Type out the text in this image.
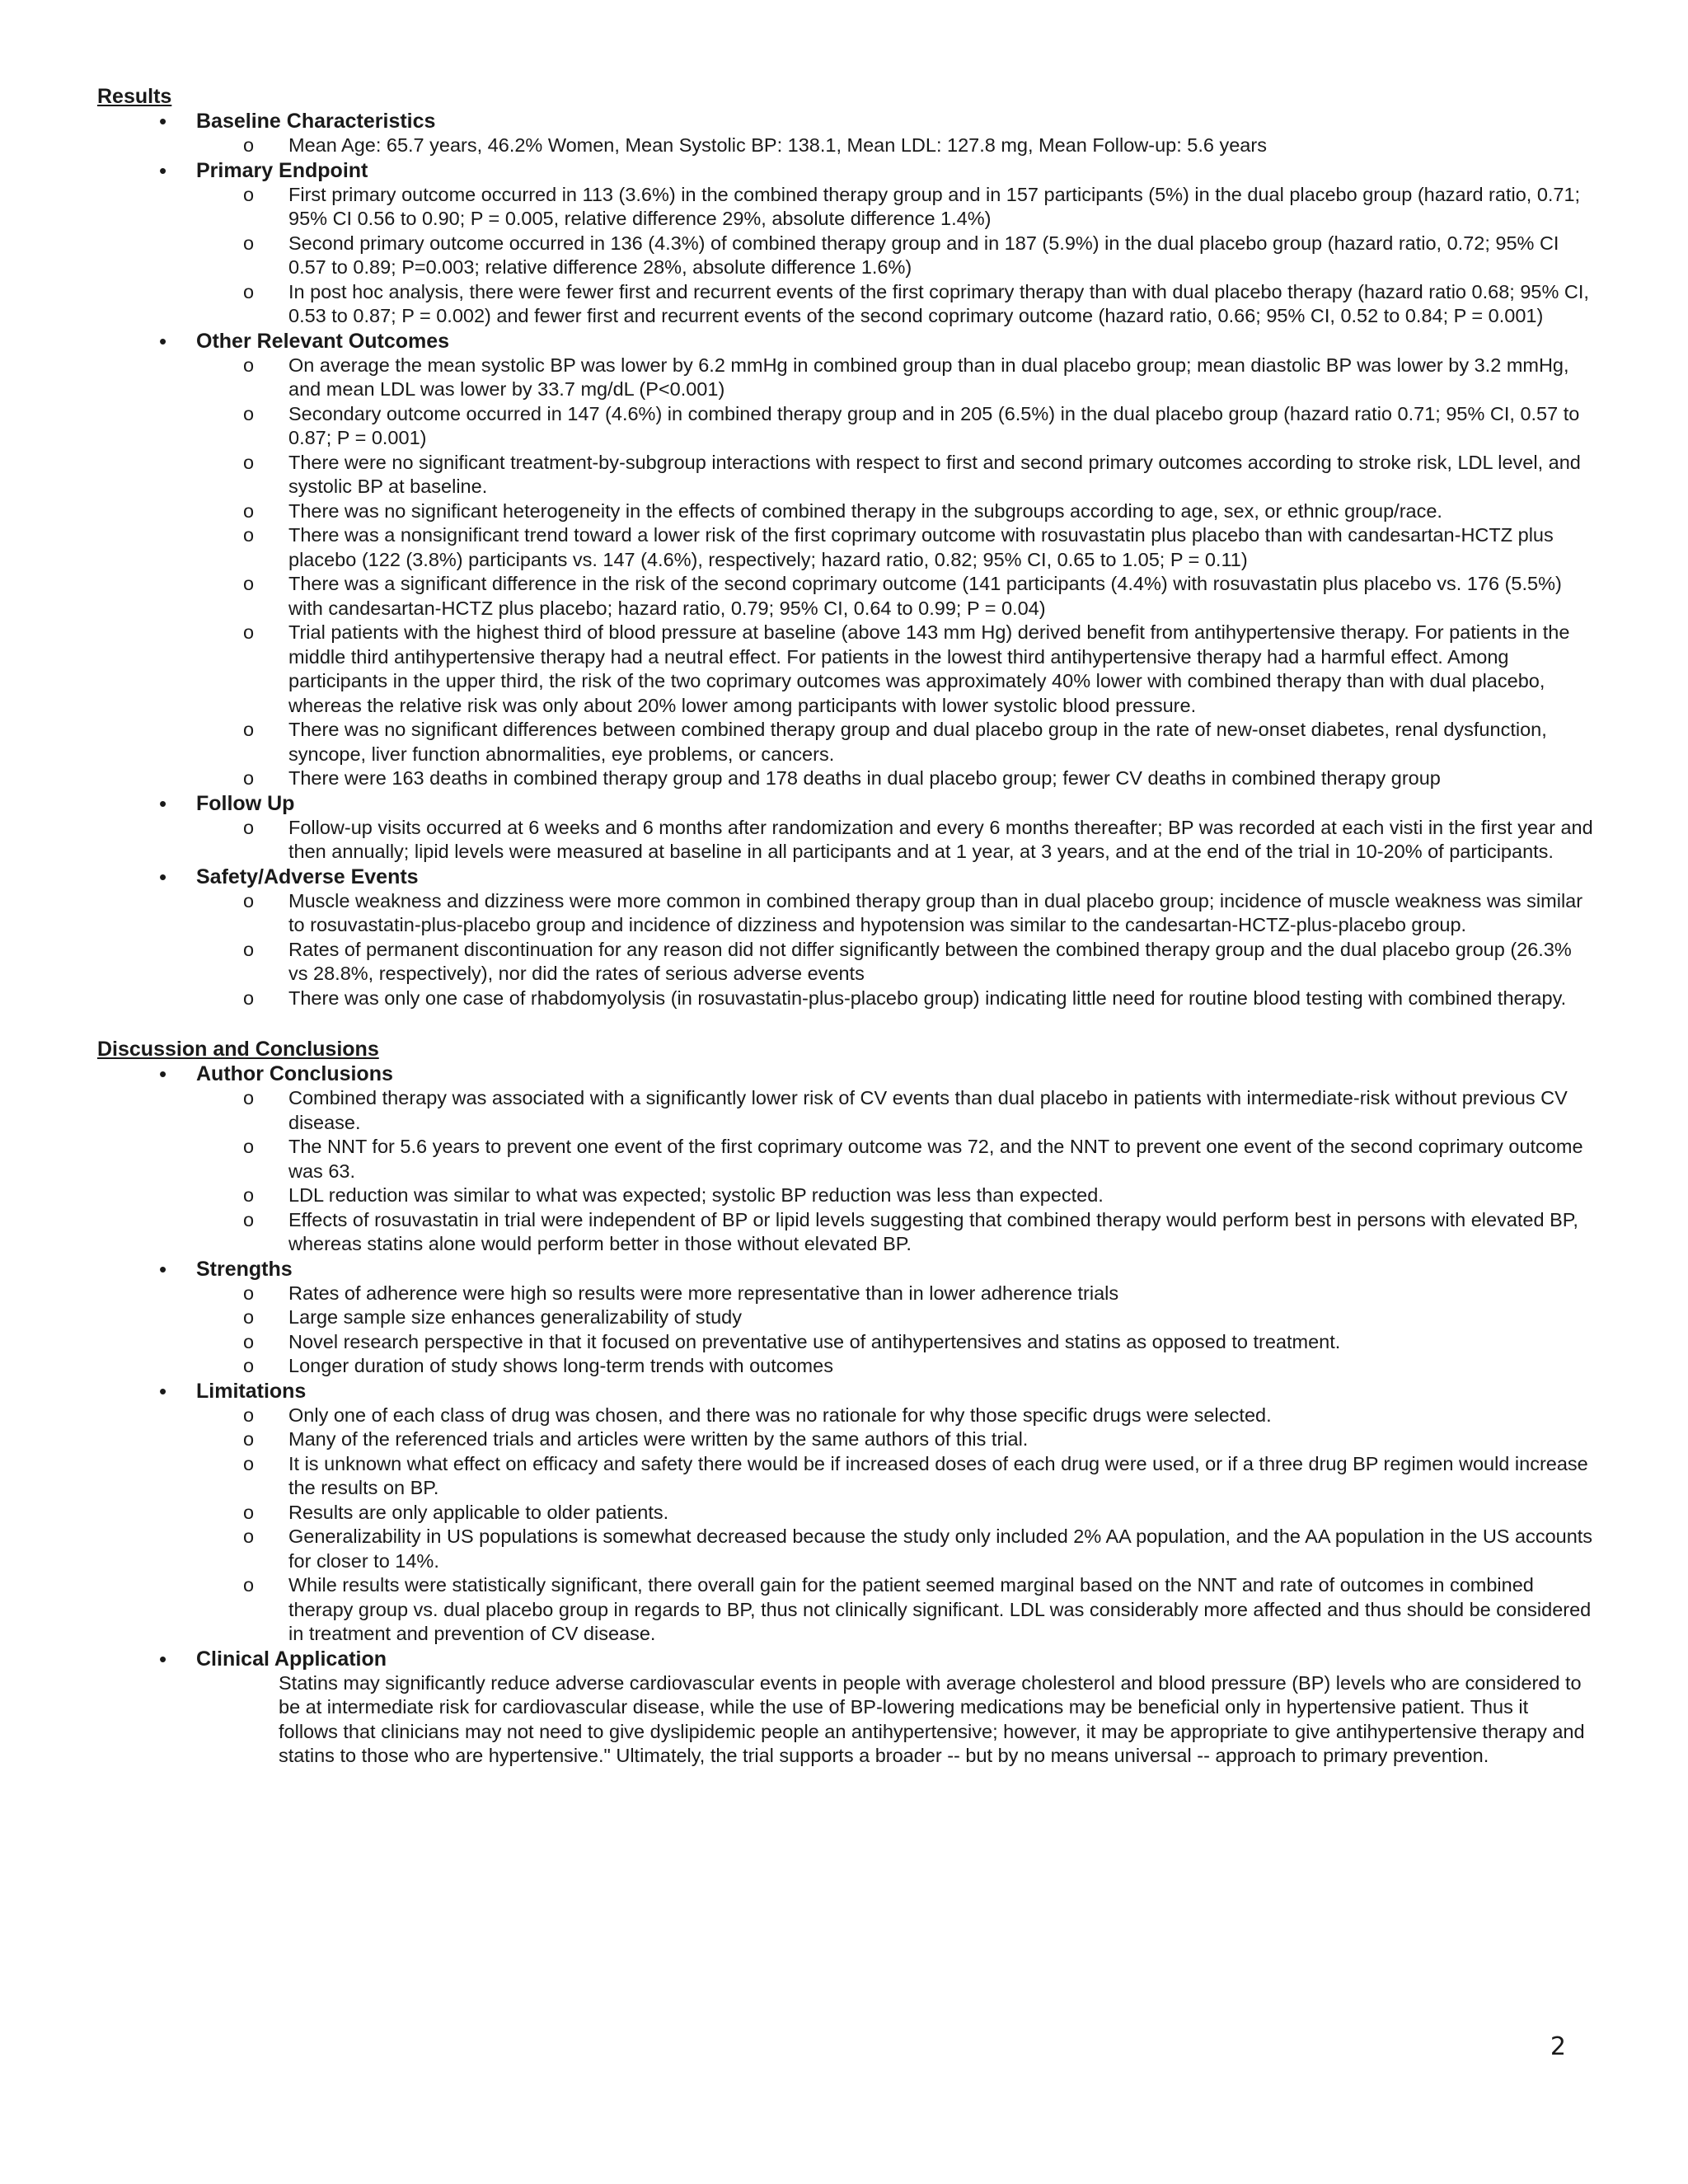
Results

• Baseline Characteristics
o Mean Age: 65.7 years, 46.2% Women, Mean Systolic BP: 138.1, Mean LDL: 127.8 mg, Mean Follow-up: 5.6 years
• Primary Endpoint
o First primary outcome occurred in 113 (3.6%) in the combined therapy group and in 157 participants (5%) in the dual placebo group (hazard ratio, 0.71; 95% CI 0.56 to 0.90; P = 0.005, relative difference 29%, absolute difference 1.4%)
o Second primary outcome occurred in 136 (4.3%) of combined therapy group and in 187 (5.9%) in the dual placebo group (hazard ratio, 0.72; 95% CI 0.57 to 0.89; P=0.003; relative difference 28%, absolute difference 1.6%)
o In post hoc analysis, there were fewer first and recurrent events of the first coprimary therapy than with dual placebo therapy (hazard ratio 0.68; 95% CI, 0.53 to 0.87; P = 0.002) and fewer first and recurrent events of the second coprimary outcome (hazard ratio, 0.66; 95% CI, 0.52 to 0.84; P = 0.001)
• Other Relevant Outcomes
o On average the mean systolic BP was lower by 6.2 mmHg in combined group than in dual placebo group; mean diastolic BP was lower by 3.2 mmHg, and mean LDL was lower by 33.7 mg/dL (P<0.001)
o Secondary outcome occurred in 147 (4.6%) in combined therapy group and in 205 (6.5%) in the dual placebo group (hazard ratio 0.71; 95% CI, 0.57 to 0.87; P = 0.001)
o There were no significant treatment-by-subgroup interactions with respect to first and second primary outcomes according to stroke risk, LDL level, and systolic BP at baseline.
o There was no significant heterogeneity in the effects of combined therapy in the subgroups according to age, sex, or ethnic group/race.
o There was a nonsignificant trend toward a lower risk of the first coprimary outcome with rosuvastatin plus placebo than with candesartan-HCTZ plus placebo (122 (3.8%) participants vs. 147 (4.6%), respectively; hazard ratio, 0.82; 95% CI, 0.65 to 1.05; P = 0.11)
o There was a significant difference in the risk of the second coprimary outcome (141 participants (4.4%) with rosuvastatin plus placebo vs. 176 (5.5%) with candesartan-HCTZ plus placebo; hazard ratio, 0.79; 95% CI, 0.64 to 0.99; P = 0.04)
o Trial patients with the highest third of blood pressure at baseline (above 143 mm Hg) derived benefit from antihypertensive therapy. For patients in the middle third antihypertensive therapy had a neutral effect. For patients in the lowest third antihypertensive therapy had a harmful effect. Among participants in the upper third, the risk of the two coprimary outcomes was approximately 40% lower with combined therapy than with dual placebo, whereas the relative risk was only about 20% lower among participants with lower systolic blood pressure.
o There was no significant differences between combined therapy group and dual placebo group in the rate of new-onset diabetes, renal dysfunction, syncope, liver function abnormalities, eye problems, or cancers.
o There were 163 deaths in combined therapy group and 178 deaths in dual placebo group; fewer CV deaths in combined therapy group
• Follow Up
o Follow-up visits occurred at 6 weeks and 6 months after randomization and every 6 months thereafter; BP was recorded at each visti in the first year and then annually; lipid levels were measured at baseline in all participants and at 1 year, at 3 years, and at the end of the trial in 10-20% of participants.
• Safety/Adverse Events
o Muscle weakness and dizziness were more common in combined therapy group than in dual placebo group; incidence of muscle weakness was similar to rosuvastatin-plus-placebo group and incidence of dizziness and hypotension was similar to the candesartan-HCTZ-plus-placebo group.
o Rates of permanent discontinuation for any reason did not differ significantly between the combined therapy group and the dual placebo group (26.3% vs 28.8%, respectively), nor did the rates of serious adverse events
o There was only one case of rhabdomyolysis (in rosuvastatin-plus-placebo group) indicating little need for routine blood testing with combined therapy.

Discussion and Conclusions

• Author Conclusions
o Combined therapy was associated with a significantly lower risk of CV events than dual placebo in patients with intermediate-risk without previous CV disease.
o The NNT for 5.6 years to prevent one event of the first coprimary outcome was 72, and the NNT to prevent one event of the second coprimary outcome was 63.
o LDL reduction was similar to what was expected; systolic BP reduction was less than expected.
o Effects of rosuvastatin in trial were independent of BP or lipid levels suggesting that combined therapy would perform best in persons with elevated BP, whereas statins alone would perform better in those without elevated BP.
• Strengths
o Rates of adherence were high so results were more representative than in lower adherence trials
o Large sample size enhances generalizability of study
o Novel research perspective in that it focused on preventative use of antihypertensives and statins as opposed to treatment.
o Longer duration of study shows long-term trends with outcomes
• Limitations
o Only one of each class of drug was chosen, and there was no rationale for why those specific drugs were selected.
o Many of the referenced trials and articles were written by the same authors of this trial.
o It is unknown what effect on efficacy and safety there would be if increased doses of each drug were used, or if a three drug BP regimen would increase the results on BP.
o Results are only applicable to older patients.
o Generalizability in US populations is somewhat decreased because the study only included 2% AA population, and the AA population in the US accounts for closer to 14%.
o While results were statistically significant, there overall gain for the patient seemed marginal based on the NNT and rate of outcomes in combined therapy group vs. dual placebo group in regards to BP, thus not clinically significant. LDL was considerably more affected and thus should be considered in treatment and prevention of CV disease.
• Clinical Application
Statins may significantly reduce adverse cardiovascular events in people with average cholesterol and blood pressure (BP) levels who are considered to be at intermediate risk for cardiovascular disease, while the use of BP-lowering medications may be beneficial only in hypertensive patient. Thus it follows that clinicians may not need to give dyslipidemic people an antihypertensive; however, it may be appropriate to give antihypertensive therapy and statins to those who are hypertensive." Ultimately, the trial supports a broader -- but by no means universal -- approach to primary prevention.
2
